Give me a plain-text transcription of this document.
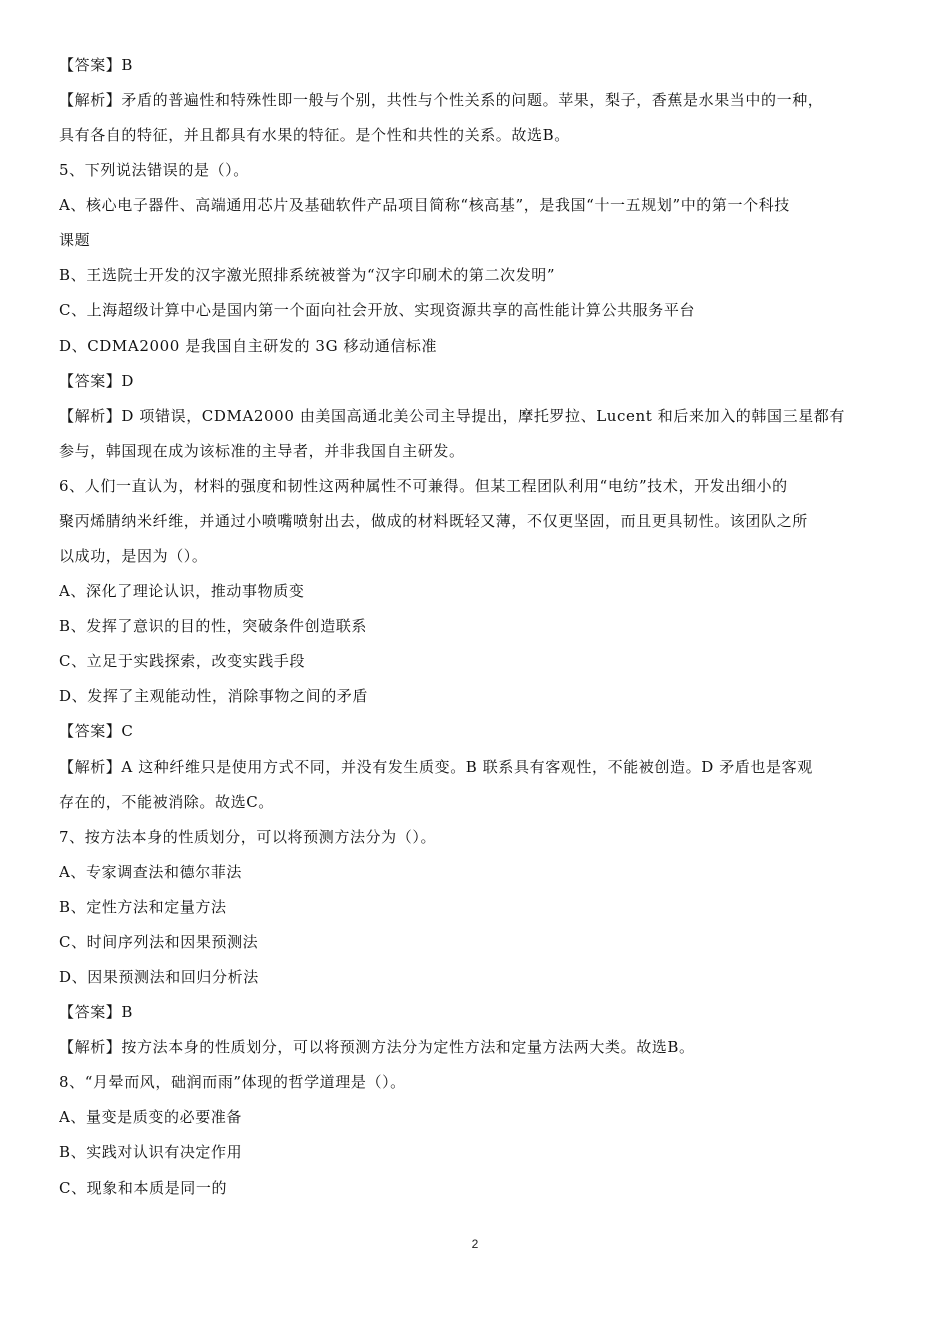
【答案】B
【解析】矛盾的普遍性和特殊性即一般与个别，共性与个性关系的问题。苹果，梨子，香蕉是水果当中的一种，
具有各自的特征，并且都具有水果的特征。是个性和共性的关系。故选B。
5、下列说法错误的是（）。
A、核心电子器件、高端通用芯片及基础软件产品项目简称“核高基”，是我国“十一五规划”中的第一个科技
课题
B、王选院士开发的汉字激光照排系统被誉为“汉字印刷术的第二次发明”
C、上海超级计算中心是国内第一个面向社会开放、实现资源共享的高性能计算公共服务平台
D、CDMA2000 是我国自主研发的 3G 移动通信标准
【答案】D
【解析】D 项错误，CDMA2000 由美国高通北美公司主导提出，摩托罗拉、Lucent 和后来加入的韩国三星都有
参与，韩国现在成为该标准的主导者，并非我国自主研发。
6、人们一直认为，材料的强度和韧性这两种属性不可兼得。但某工程团队利用“电纺”技术，开发出细小的
聚丙烯腈纳米纤维，并通过小喷嘴喷射出去，做成的材料既轻又薄，不仅更坚固，而且更具韧性。该团队之所
以成功，是因为（）。
A、深化了理论认识，推动事物质变
B、发挥了意识的目的性，突破条件创造联系
C、立足于实践探索，改变实践手段
D、发挥了主观能动性，消除事物之间的矛盾
【答案】C
【解析】A 这种纤维只是使用方式不同，并没有发生质变。B 联系具有客观性，不能被创造。D 矛盾也是客观
存在的，不能被消除。故选C。
7、按方法本身的性质划分，可以将预测方法分为（）。
A、专家调查法和德尔菲法
B、定性方法和定量方法
C、时间序列法和因果预测法
D、因果预测法和回归分析法
【答案】B
【解析】按方法本身的性质划分，可以将预测方法分为定性方法和定量方法两大类。故选B。
8、“月晕而风，础润而雨”体现的哲学道理是（）。
A、量变是质变的必要准备
B、实践对认识有决定作用
C、现象和本质是同一的
2
